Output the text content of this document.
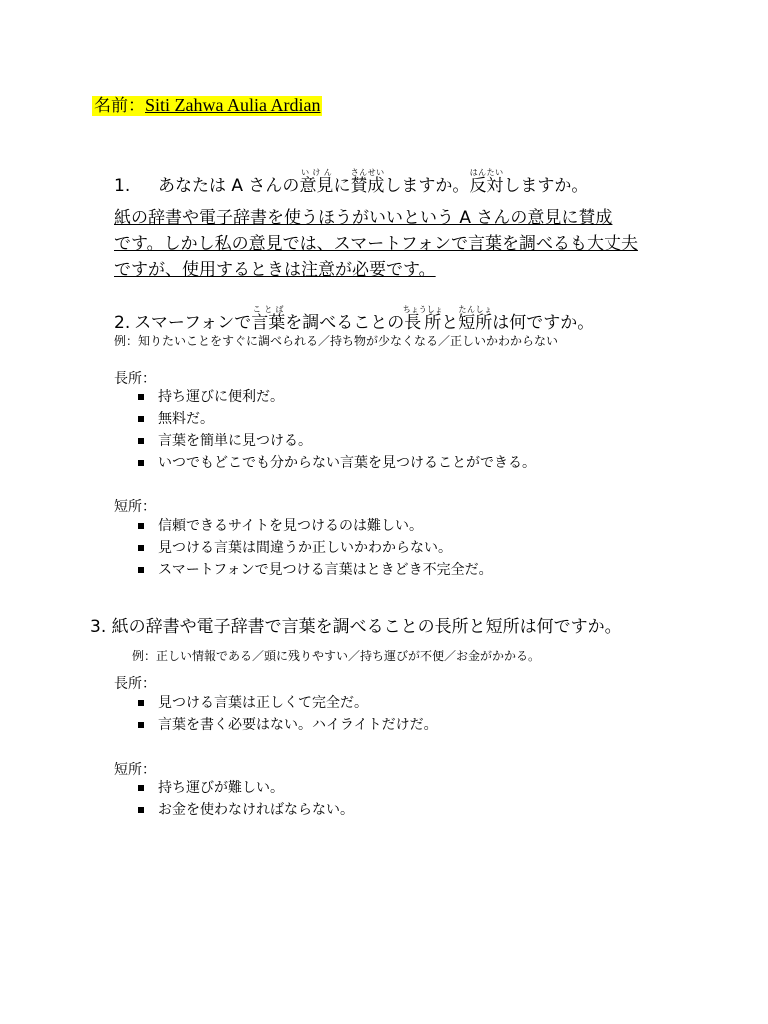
名前：Siti Zahwa Aulia Ardian
1. あなたは A さんの意見いけんに賛成さんせいしますか。反対はんたいしますか。
紙の辞書や電子辞書を使うほうがいいという A さんの意見に賛成
です。しかし私の意見では、スマートフォンで言葉を調べるも大丈夫
ですが、使用するときは注意が必要です。
2. スマーフォンで言葉ことばを調べることの長所ちょうしょと短所たんしょは何ですか。
例：知りたいことをすぐに調べられる／持ち物が少なくなる／正しいかわからない
長所：
持ち運びに便利だ。
無料だ。
言葉を簡単に見つける。
いつでもどこでも分からない言葉を見つけることができる。
短所：
信頼できるサイトを見つけるのは難しい。
見つける言葉は間違うか正しいかわからない。
スマートフォンで見つける言葉はときどき不完全だ。
3. 紙の辞書や電子辞書で言葉を調べることの長所と短所は何ですか。
例：正しい情報である／頭に残りやすい／持ち運びが不便／お金がかかる。
長所：
見つける言葉は正しくて完全だ。
言葉を書く必要はない。ハイライトだけだ。
短所：
持ち運びが難しい。
お金を使わなければならない。
